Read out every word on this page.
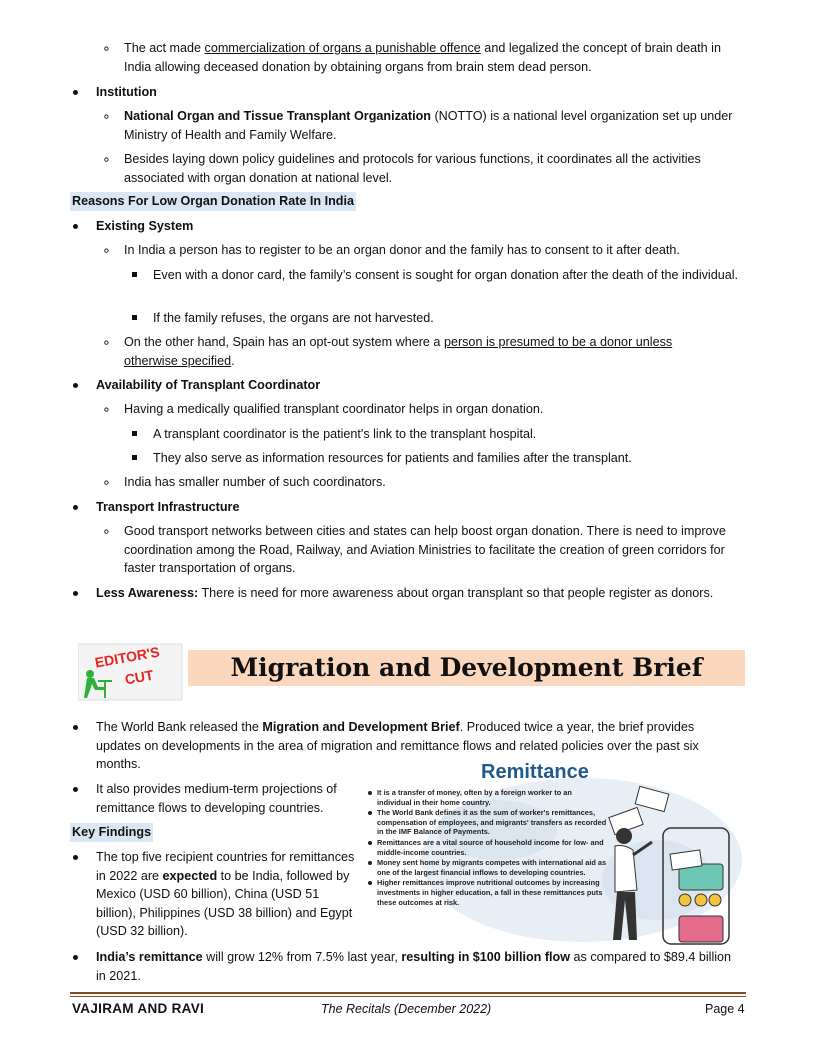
∘ The act made commercialization of organs a punishable offence and legalized the concept of brain death in India allowing deceased donation by obtaining organs from brain stem dead person.
Institution
∘ National Organ and Tissue Transplant Organization (NOTTO) is a national level organization set up under Ministry of Health and Family Welfare.
∘ Besides laying down policy guidelines and protocols for various functions, it coordinates all the activities associated with organ donation at national level.
Reasons For Low Organ Donation Rate In India
Existing System
∘ In India a person has to register to be an organ donor and the family has to consent to it after death.
Even with a donor card, the family’s consent is sought for organ donation after the death of the individual.
If the family refuses, the organs are not harvested.
∘ On the other hand, Spain has an opt-out system where a person is presumed to be a donor unless otherwise specified.
Availability of Transplant Coordinator
∘ Having a medically qualified transplant coordinator helps in organ donation.
A transplant coordinator is the patient's link to the transplant hospital.
They also serve as information resources for patients and families after the transplant.
∘ India has smaller number of such coordinators.
Transport Infrastructure
∘ Good transport networks between cities and states can help boost organ donation. There is need to improve coordination among the Road, Railway, and Aviation Ministries to facilitate the creation of green corridors for faster transportation of organs.
Less Awareness: There is need for more awareness about organ transplant so that people register as donors.
EDITOR'S
CUT	Migration and Development Brief
The World Bank released the Migration and Development Brief. Produced twice a year, the brief provides updates on developments in the area of migration and remittance flows and related policies over the past six months.
It also provides medium-term projections of remittance flows to developing countries.
Key Findings
The top five recipient countries for remittances in 2022 are expected to be India, followed by Mexico (USD 60 billion), China (USD 51 billion), Philippines (USD 38 billion) and Egypt (USD 32 billion).
India’s remittance will grow 12% from 7.5% last year, resulting in $100 billion flow as compared to $89.4 billion in 2021.
Remittance
It is a transfer of money, often by a foreign worker to an individual in their home country.
The World Bank defines it as the sum of worker's remittances, compensation of employees, and migrants' transfers as recorded in the IMF Balance of Payments.
Remittances are a vital source of household income for low- and middle-income countries.
Money sent home by migrants competes with international aid as one of the largest financial inflows to developing countries.
Higher remittances improve nutritional outcomes by increasing investments in higher education, a fall in these remittances puts these outcomes at risk.
VAJIRAM AND RAVI	The Recitals (December 2022)	Page 4
